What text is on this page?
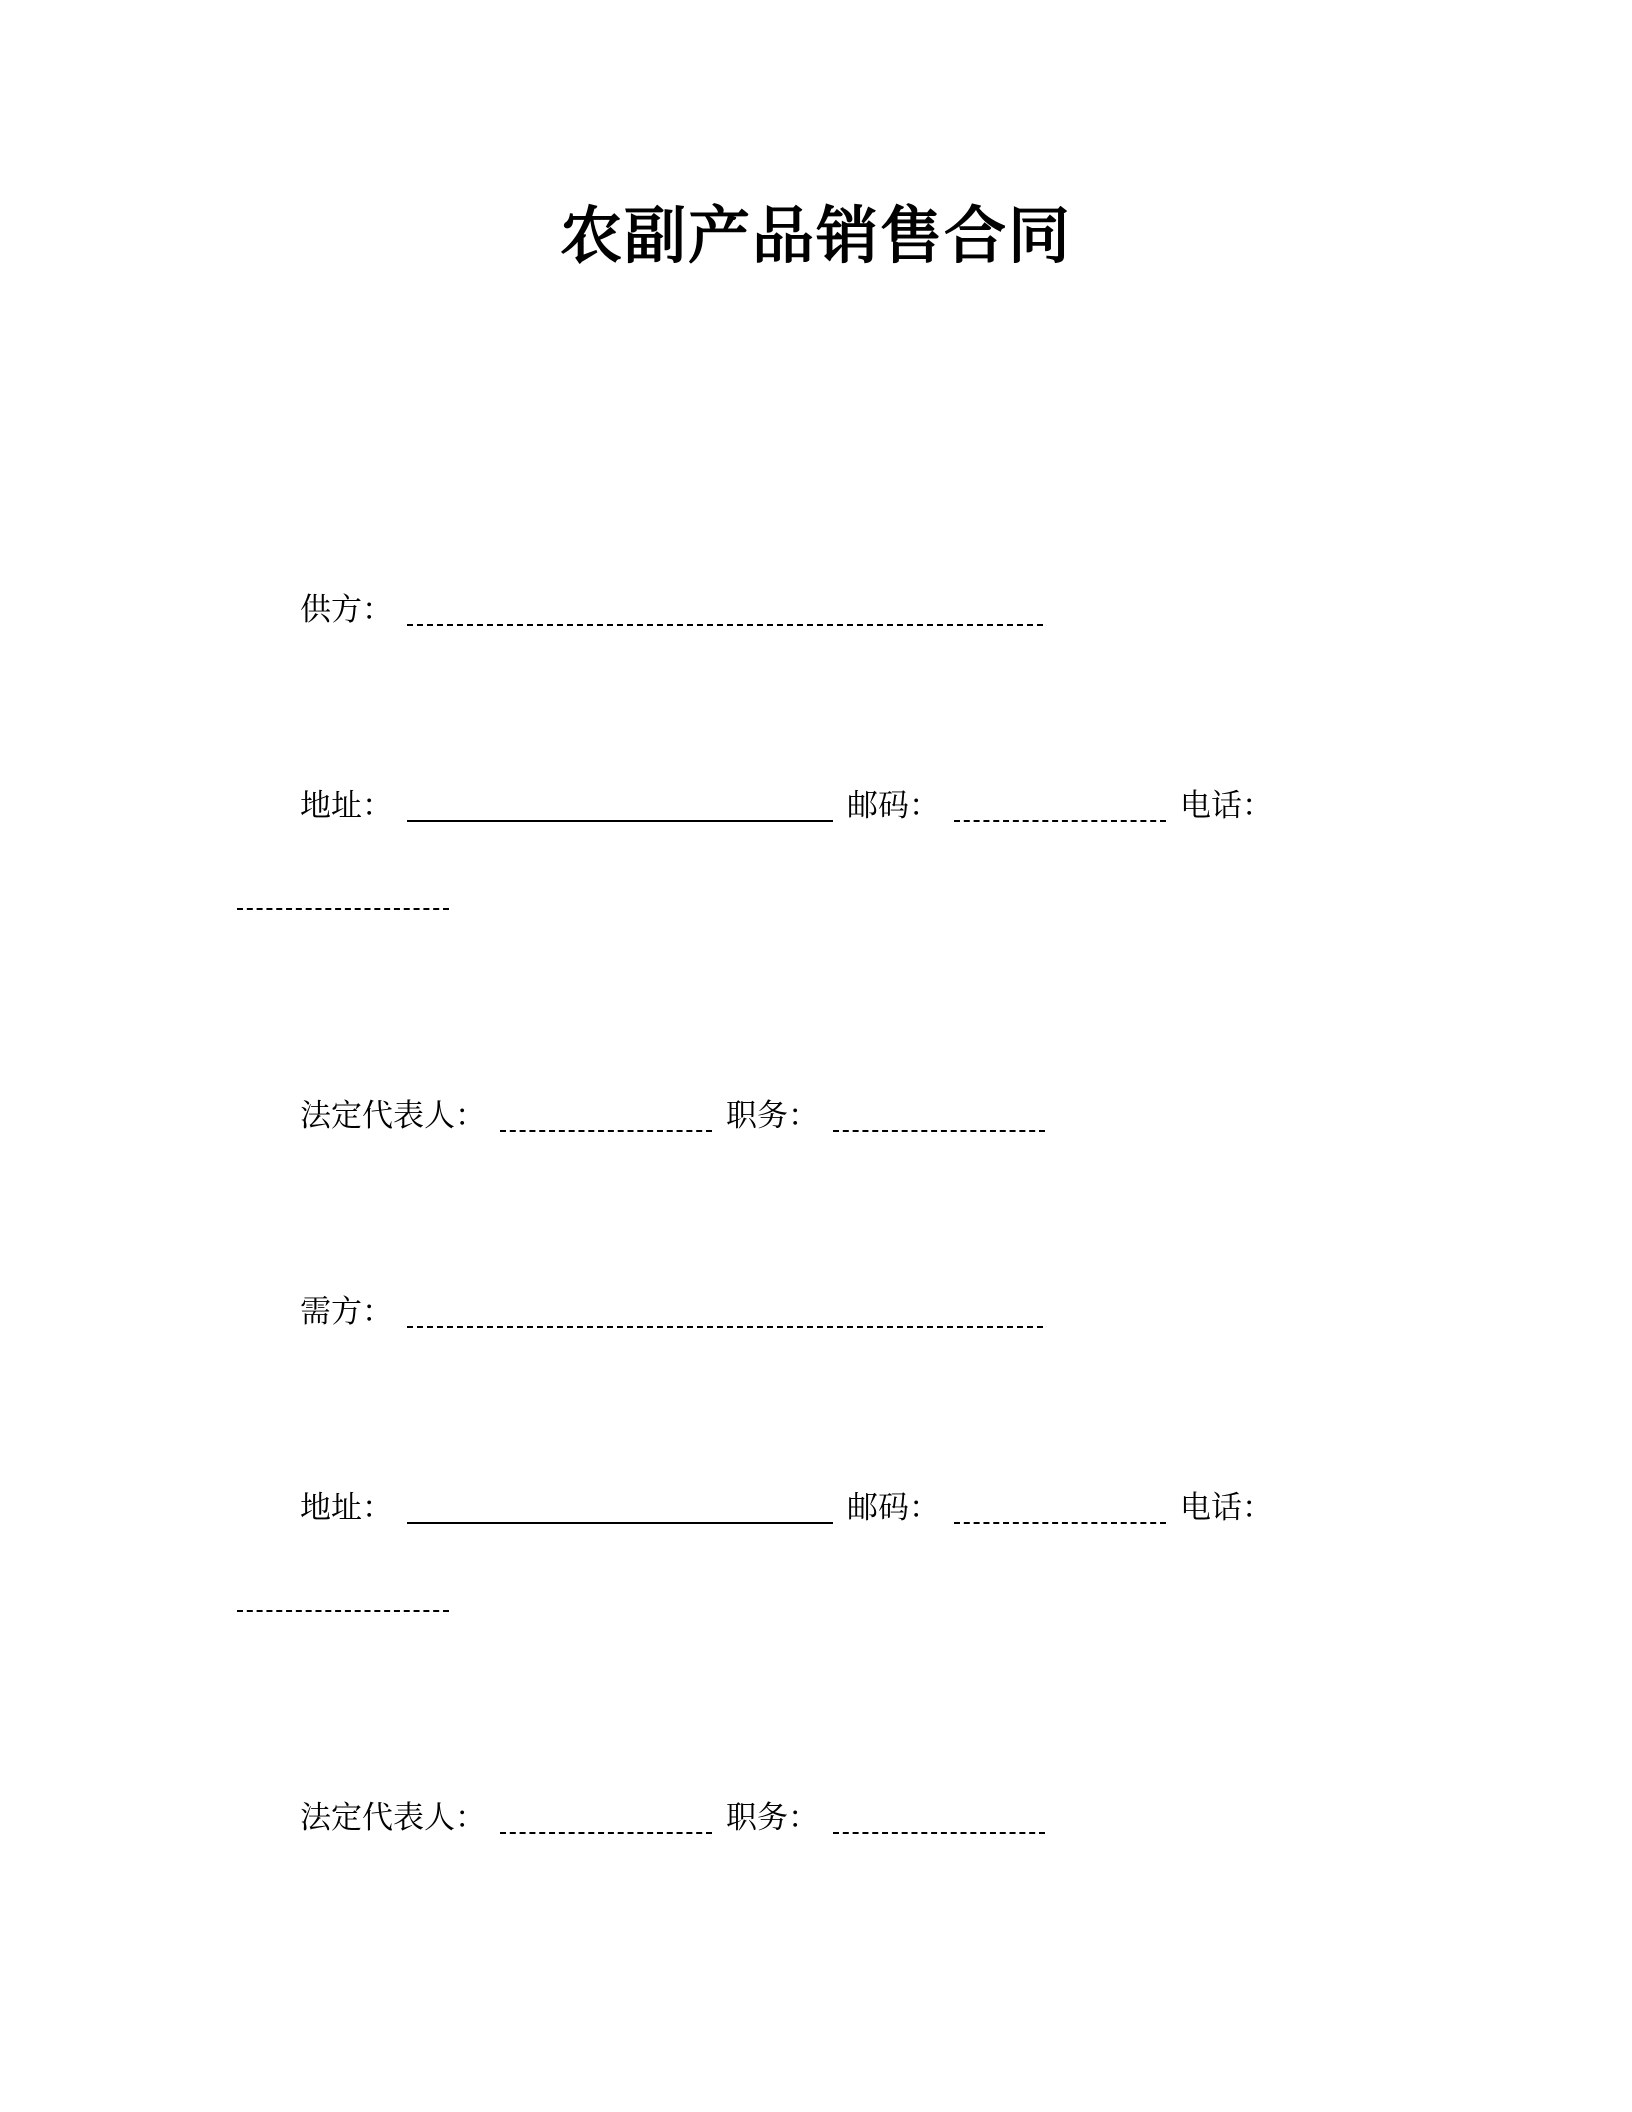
农副产品销售合同
供方：
地址：	邮码：	电话：
法定代表人：	职务：
需方：
地址：	邮码：	电话：
法定代表人：	职务：
